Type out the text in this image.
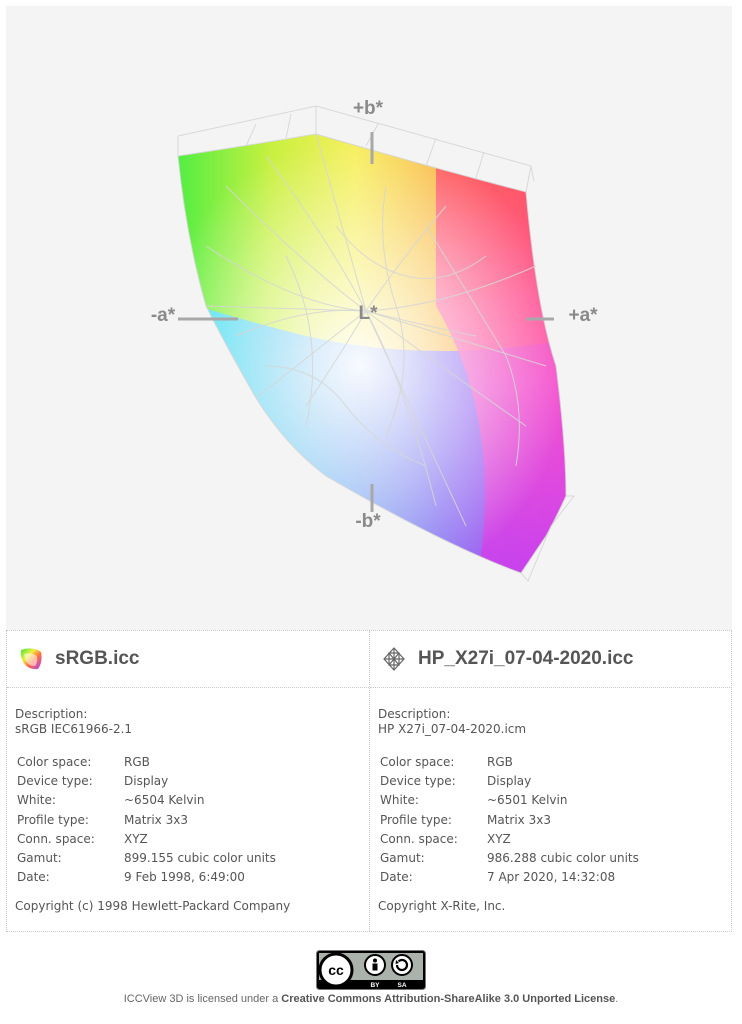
+b*
-b*
-a*	+a*
L*
sRGB.icc
Description:
sRGB IEC61966-2.1
Color space:	RGB
Device type:	Display
White:	~6504 Kelvin
Profile type:	Matrix 3x3
Conn. space:	XYZ
Gamut:	899.155 cubic color units
Date:	9 Feb 1998, 6:49:00
Copyright (c) 1998 Hewlett-Packard Company
HP_X27i_07-04-2020.icc
Description:
HP X27i_07-04-2020.icm
Color space:	RGB
Device type:	Display
White:	~6501 Kelvin
Profile type:	Matrix 3x3
Conn. space:	XYZ
Gamut:	986.288 cubic color units
Date:	7 Apr 2020, 14:32:08
Copyright X-Rite, Inc.
cc
BY	SA
ICCView 3D is licensed under a Creative Commons Attribution-ShareAlike 3.0 Unported License.
